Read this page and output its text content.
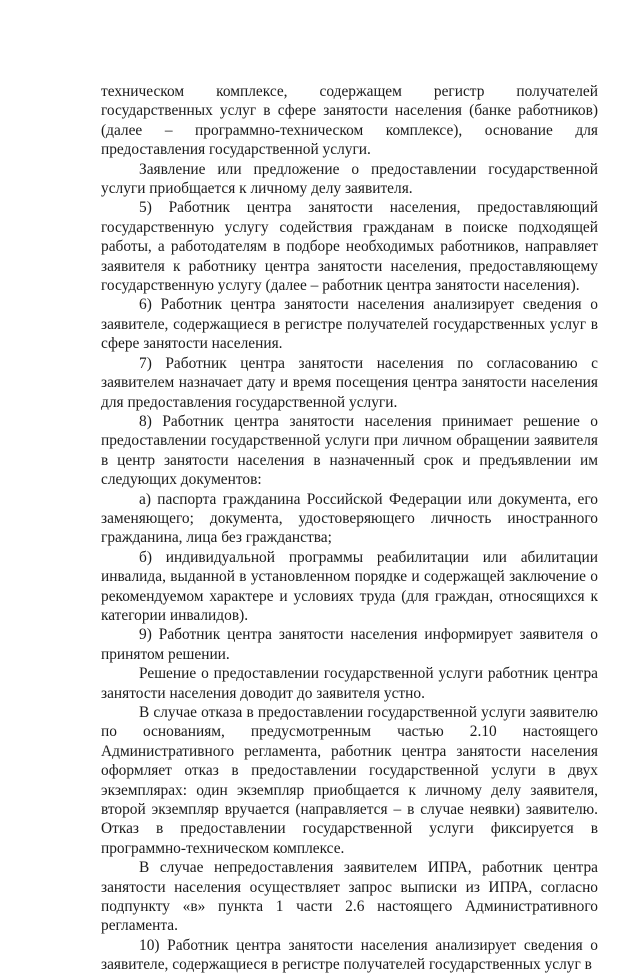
техническом комплексе, содержащем регистр получателей государственных услуг в сфере занятости населения (банке работников) (далее – программно-техническом комплексе), основание для предоставления государственной услуги.

Заявление или предложение о предоставлении государственной услуги приобщается к личному делу заявителя.

5) Работник центра занятости населения, предоставляющий государственную услугу содействия гражданам в поиске подходящей работы, а работодателям в подборе необходимых работников, направляет заявителя к работнику центра занятости населения, предоставляющему государственную услугу (далее – работник центра занятости населения).

6) Работник центра занятости населения анализирует сведения о заявителе, содержащиеся в регистре получателей государственных услуг в сфере занятости населения.

7) Работник центра занятости населения по согласованию с заявителем назначает дату и время посещения центра занятости населения для предоставления государственной услуги.

8) Работник центра занятости населения принимает решение о предоставлении государственной услуги при личном обращении заявителя в центр занятости населения в назначенный срок и предъявлении им следующих документов:

а) паспорта гражданина Российской Федерации или документа, его заменяющего; документа, удостоверяющего личность иностранного гражданина, лица без гражданства;

б) индивидуальной программы реабилитации или абилитации инвалида, выданной в установленном порядке и содержащей заключение о рекомендуемом характере и условиях труда (для граждан, относящихся к категории инвалидов).

9) Работник центра занятости населения информирует заявителя о принятом решении.

Решение о предоставлении государственной услуги работник центра занятости населения доводит до заявителя устно.

В случае отказа в предоставлении государственной услуги заявителю по основаниям, предусмотренным частью 2.10 настоящего Административного регламента, работник центра занятости населения оформляет отказ в предоставлении государственной услуги в двух экземплярах: один экземпляр приобщается к личному делу заявителя, второй экземпляр вручается (направляется – в случае неявки) заявителю. Отказ в предоставлении государственной услуги фиксируется в программно-техническом комплексе.

В случае непредоставления заявителем ИПРА, работник центра занятости населения осуществляет запрос выписки из ИПРА, согласно подпункту «в» пункта 1 части 2.6 настоящего Административного регламента.

10) Работник центра занятости населения анализирует сведения о заявителе, содержащиеся в регистре получателей государственных услуг в
